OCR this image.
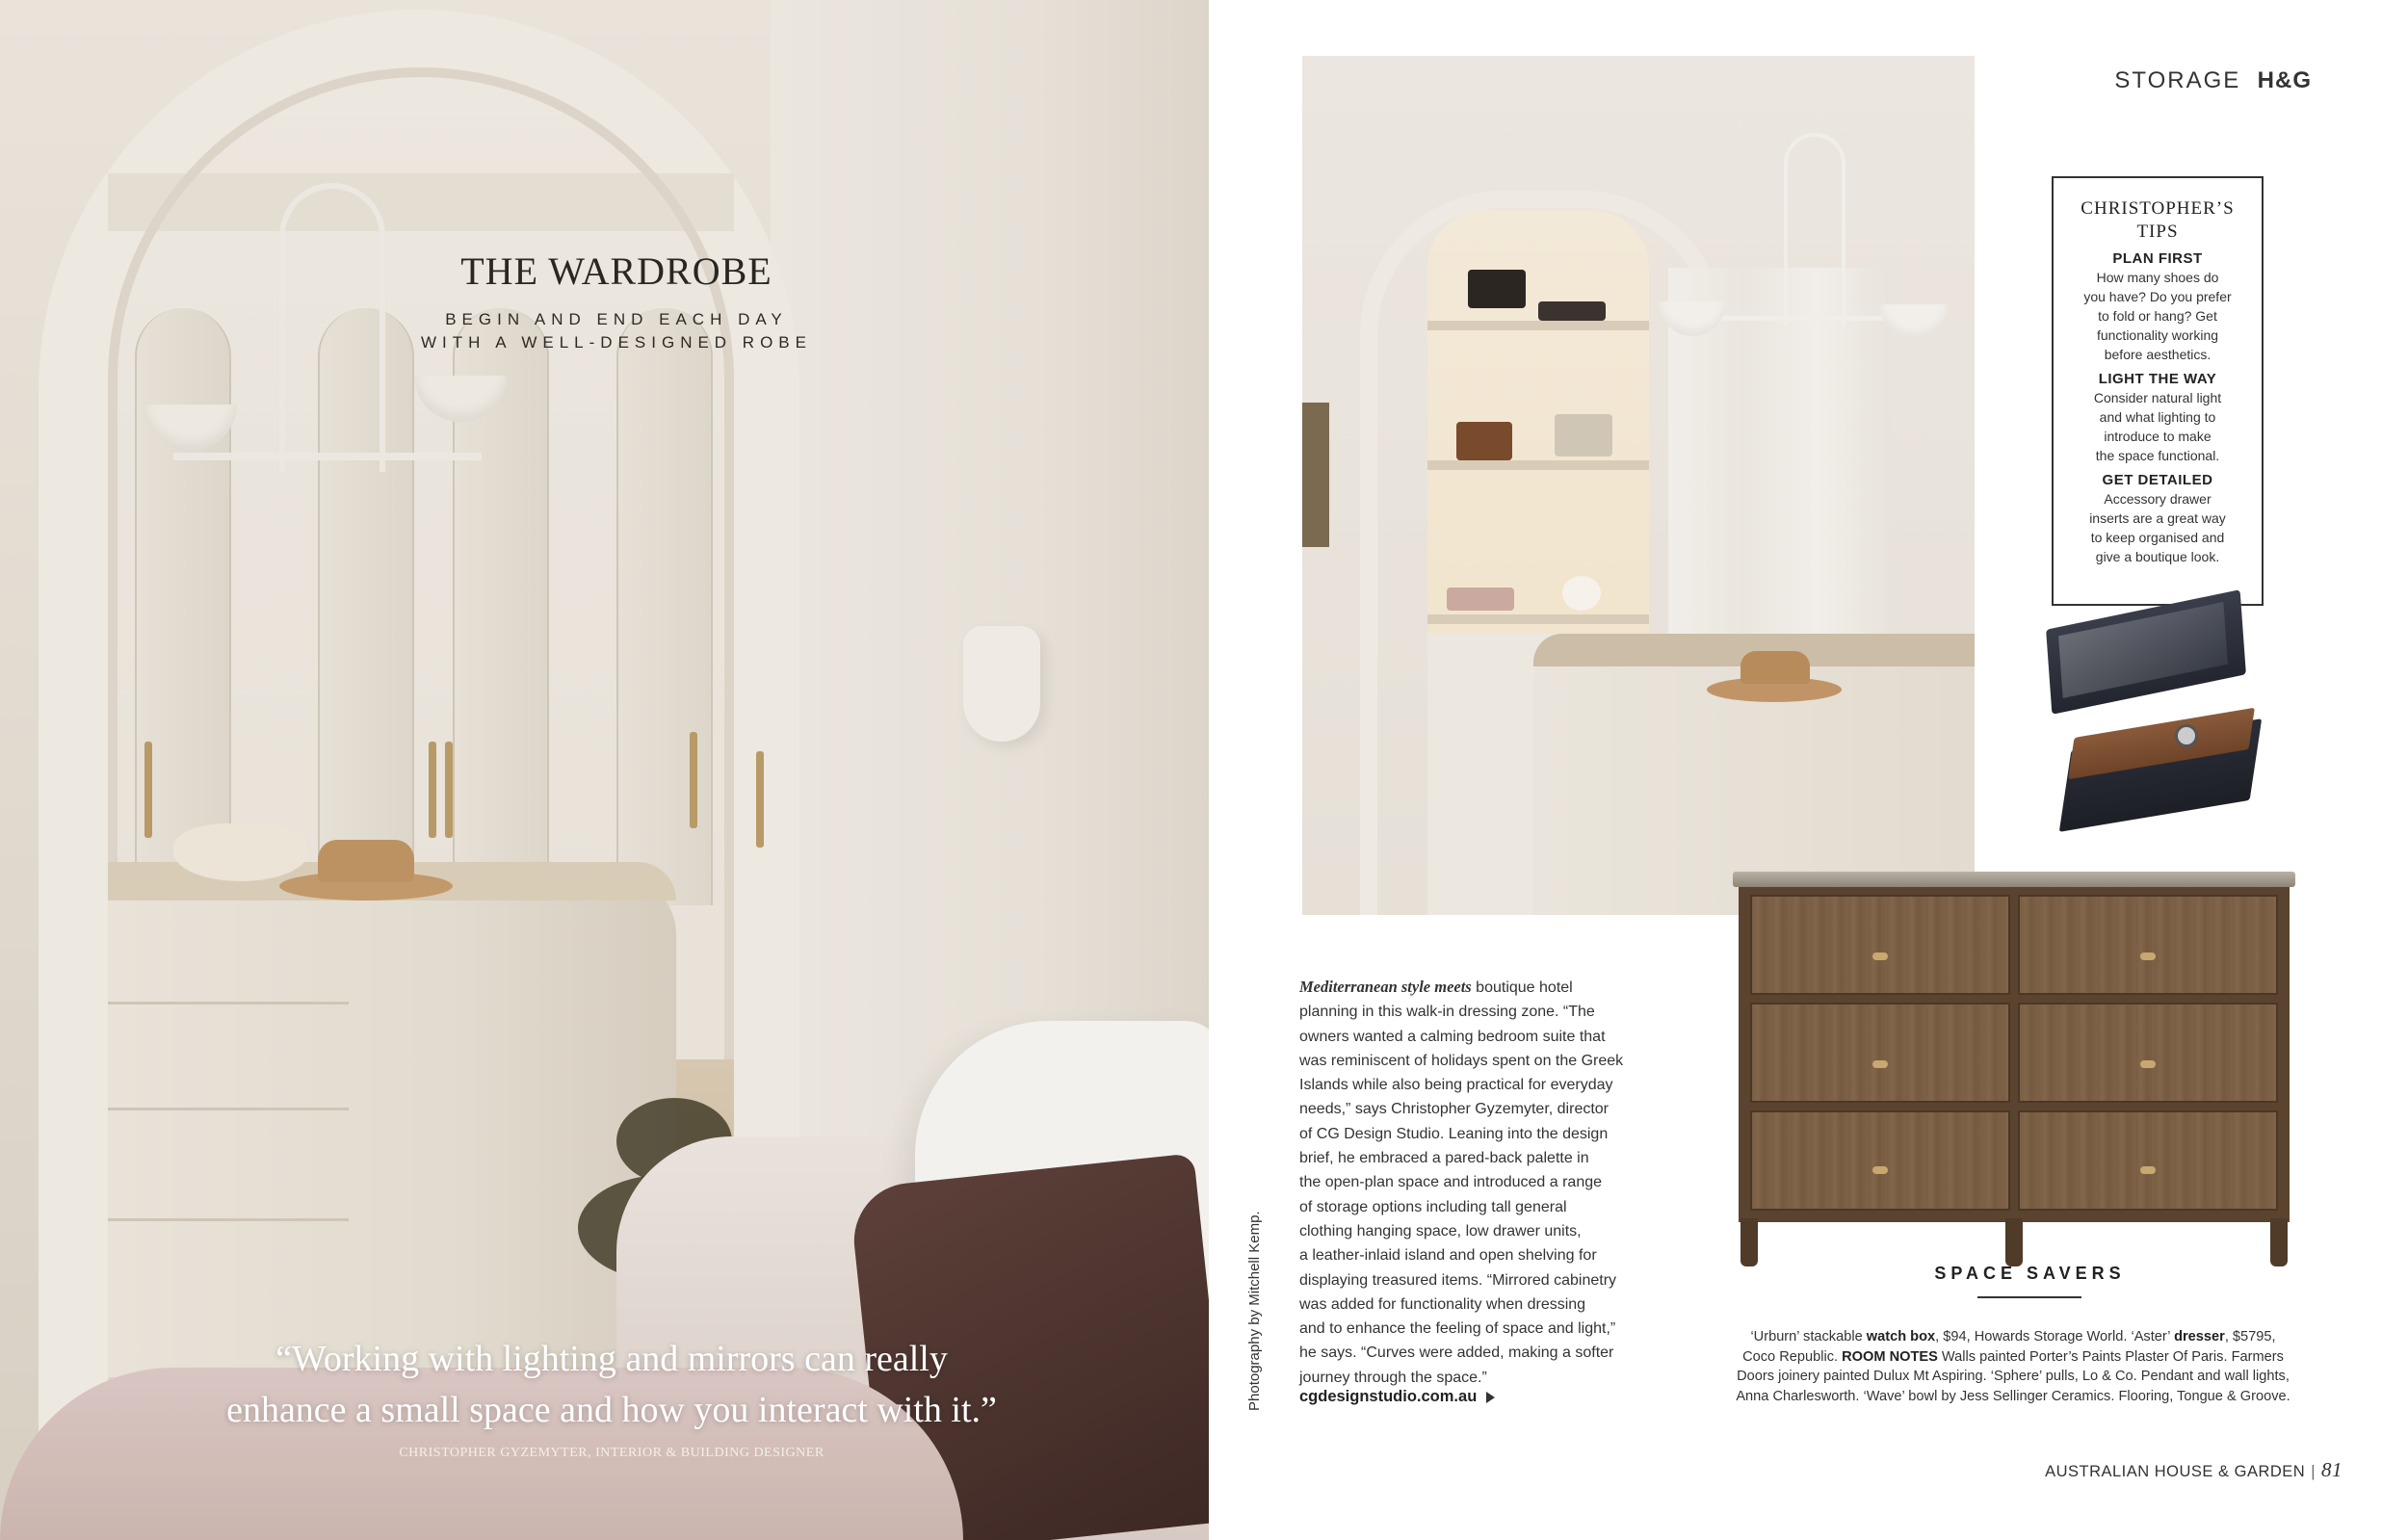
THE WARDROBE
BEGIN AND END EACH DAY
WITH A WELL-DESIGNED ROBE
“Working with lighting and mirrors can really
enhance a small space and how you interact with it.”
CHRISTOPHER GYZEMYTER, INTERIOR & BUILDING DESIGNER
Photography by Mitchell Kemp.
STORAGE H&G
CHRISTOPHER’S
TIPS
PLAN FIRST
How many shoes do
you have? Do you prefer
to fold or hang? Get
functionality working
before aesthetics.
LIGHT THE WAY
Consider natural light
and what lighting to
introduce to make
the space functional.
GET DETAILED
Accessory drawer
inserts are a great way
to keep organised and
give a boutique look.
SPACE SAVERS
‘Urburn’ stackable watch box, $94, Howards Storage World. ‘Aster’ dresser, $5795,
Coco Republic. ROOM NOTES Walls painted Porter’s Paints Plaster Of Paris. Farmers
Doors joinery painted Dulux Mt Aspiring. ‘Sphere’ pulls, Lo & Co. Pendant and wall lights,
Anna Charlesworth. ‘Wave’ bowl by Jess Sellinger Ceramics. Flooring, Tongue & Groove.
Mediterranean style meets boutique hotel
planning in this walk-in dressing zone. “The
owners wanted a calming bedroom suite that
was reminiscent of holidays spent on the Greek
Islands while also being practical for everyday
needs,” says Christopher Gyzemyter, director
of CG Design Studio. Leaning into the design
brief, he embraced a pared-back palette in
the open-plan space and introduced a range
of storage options including tall general
clothing hanging space, low drawer units,
a leather-inlaid island and open shelving for
displaying treasured items. “Mirrored cabinetry
was added for functionality when dressing
and to enhance the feeling of space and light,”
he says. “Curves were added, making a softer
journey through the space.”
cgdesignstudio.com.au
AUSTRALIAN HOUSE & GARDEN | 81
